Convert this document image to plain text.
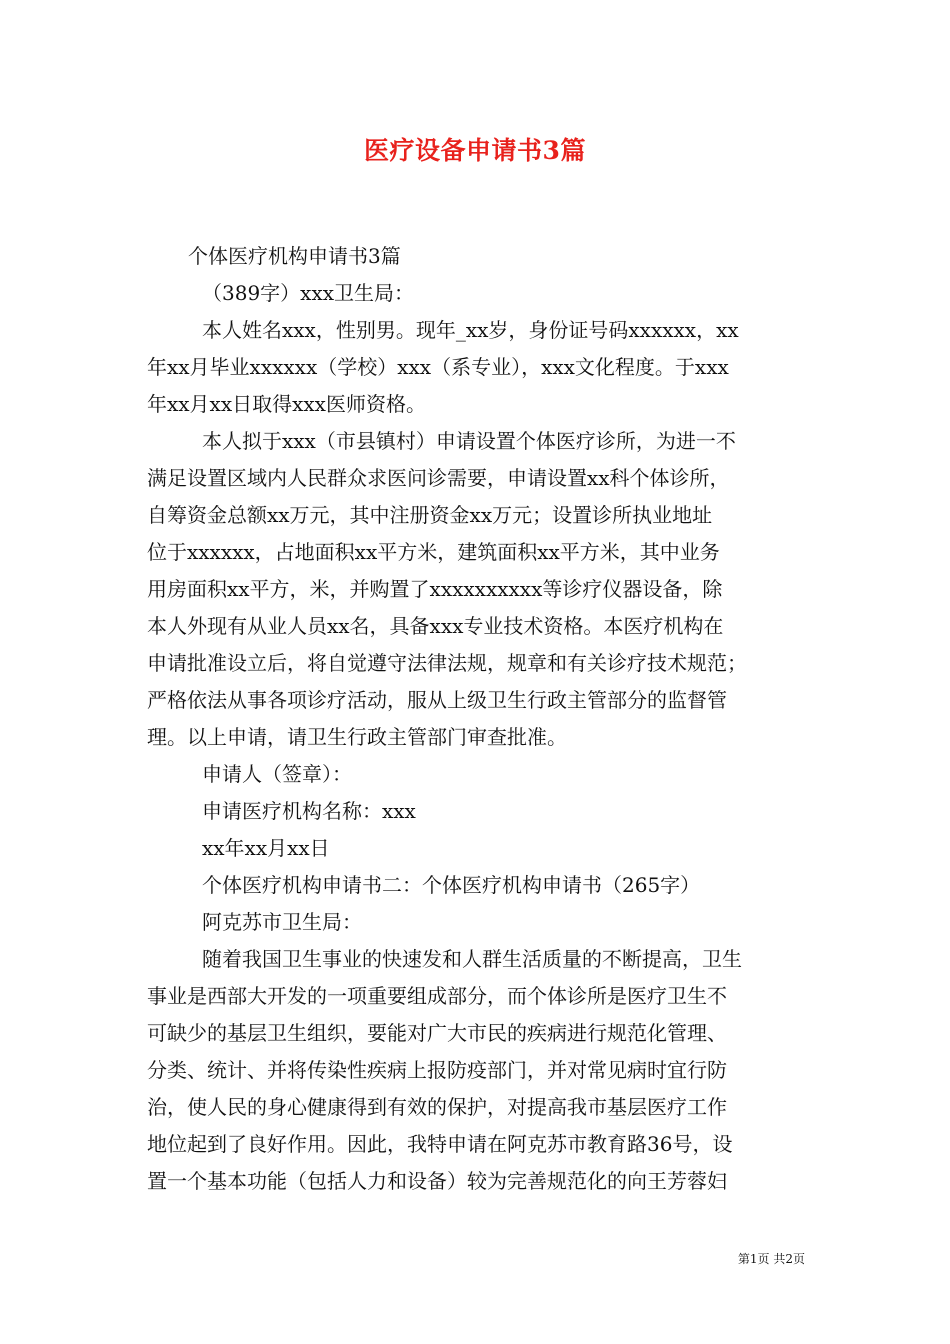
医疗设备申请书3篇

个体医疗机构申请书3篇

（389字）xxx卫生局：

本人姓名xxx，性别男。现年_xx岁，身份证号码xxxxxx，xx

年xx月毕业xxxxxx（学校）xxx（系专业），xxx文化程度。于xxx

年xx月xx日取得xxx医师资格。

本人拟于xxx（市县镇村）申请设置个体医疗诊所，为进一不

满足设置区域内人民群众求医问诊需要，申请设置xx科个体诊所，

自筹资金总额xx万元，其中注册资金xx万元；设置诊所执业地址

位于xxxxxx，占地面积xx平方米，建筑面积xx平方米，其中业务

用房面积xx平方，米，并购置了xxxxxxxxxx等诊疗仪器设备，除

本人外现有从业人员xx名，具备xxx专业技术资格。本医疗机构在

申请批准设立后，将自觉遵守法律法规，规章和有关诊疗技术规范；

严格依法从事各项诊疗活动，服从上级卫生行政主管部分的监督管

理。以上申请，请卫生行政主管部门审查批准。

申请人（签章）：

申请医疗机构名称：xxx

xx年xx月xx日

个体医疗机构申请书二：个体医疗机构申请书（265字）

阿克苏市卫生局：

随着我国卫生事业的快速发和人群生活质量的不断提高，卫生

事业是西部大开发的一项重要组成部分，而个体诊所是医疗卫生不

可缺少的基层卫生组织，要能对广大市民的疾病进行规范化管理、

分类、统计、并将传染性疾病上报防疫部门，并对常见病时宜行防

治，使人民的身心健康得到有效的保护，对提高我市基层医疗工作

地位起到了良好作用。因此，我特申请在阿克苏市教育路36号，设

置一个基本功能（包括人力和设备）较为完善规范化的向王芳蓉妇

第1页 共2页
